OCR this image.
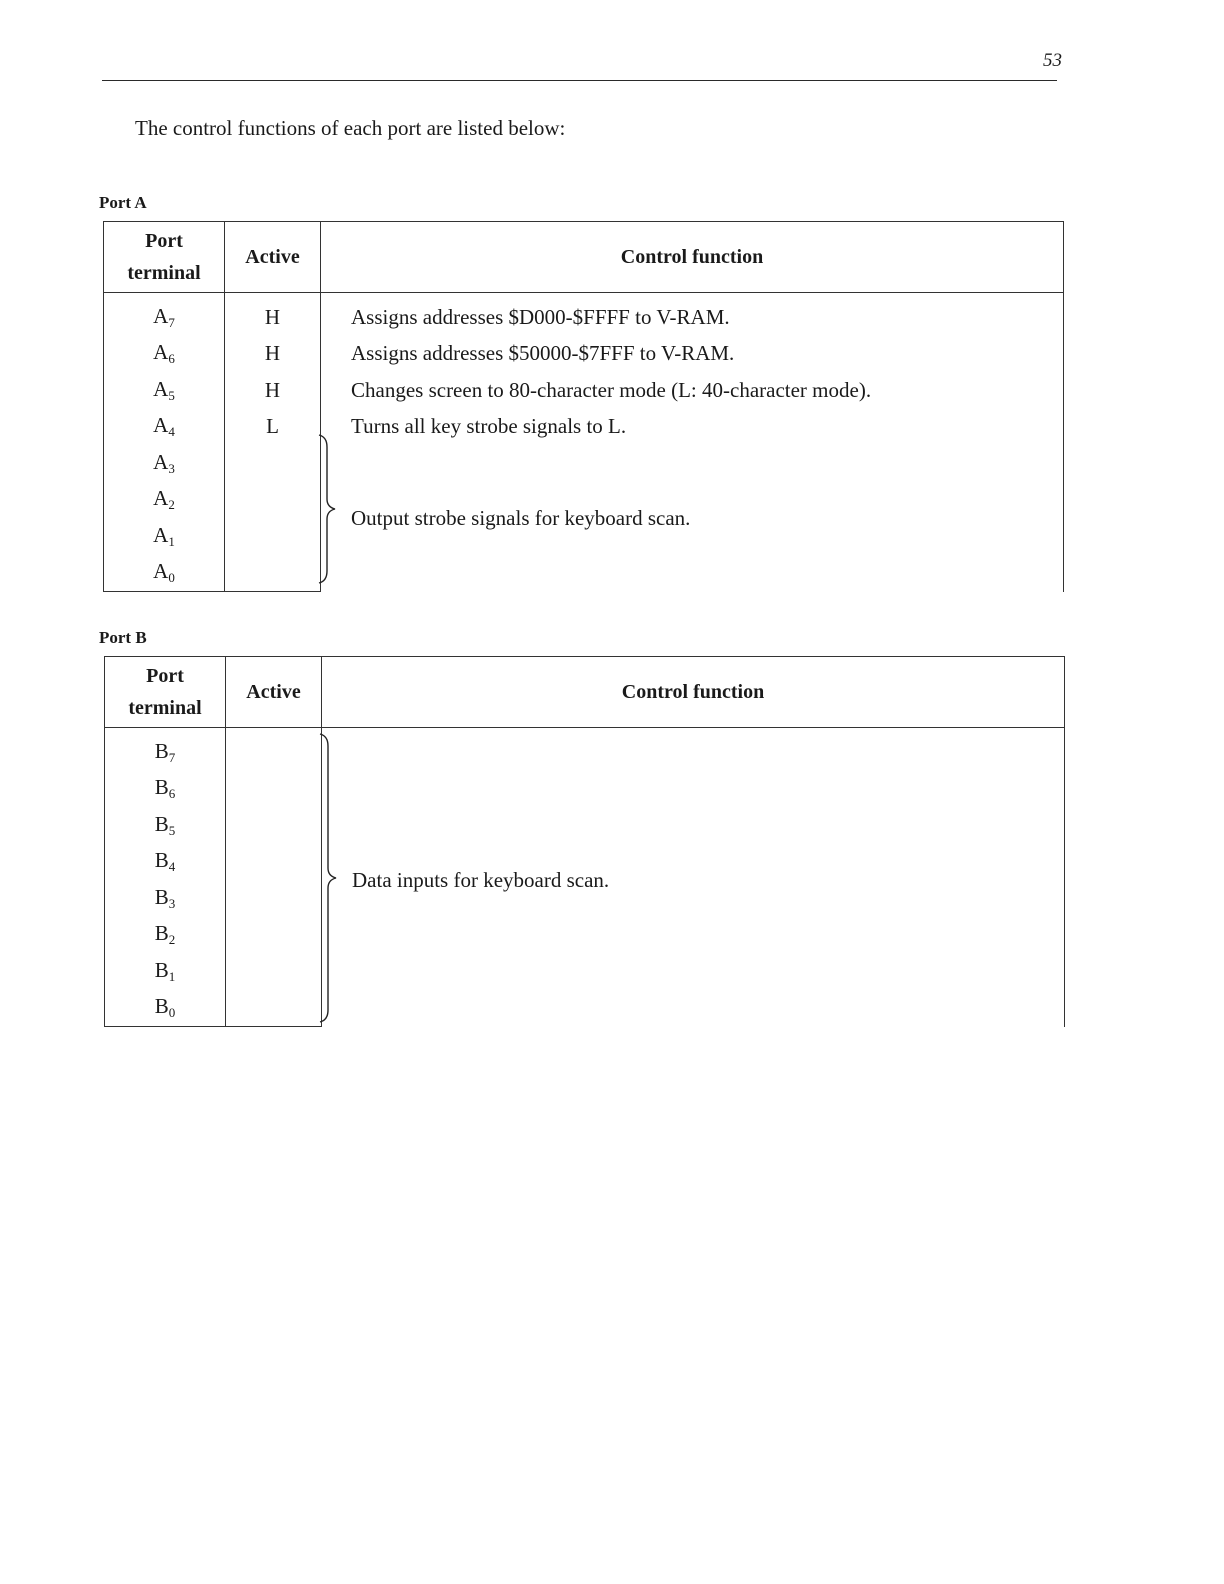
53
The control functions of each port are listed below:
Port A
Port
terminal	Active	Control function
$A_7$	H	Assigns addresses $D000-$FFFF to V-RAM.
$A_6$	H	Assigns addresses $50000-$7FFF to V-RAM.
$A_5$	H	Changes screen to 80-character mode (L: 40-character mode).
$A_4$	L	Turns all key strobe signals to L.
$A_3$		Output strobe signals for keyboard scan.
$A_2$	
$A_1$	
$A_0$	
Port B
Port
terminal	Active	Control function
$B_7$		Data inputs for keyboard scan.
$B_6$	
$B_5$	
$B_4$	
$B_3$	
$B_2$	
$B_1$	
$B_0$	
